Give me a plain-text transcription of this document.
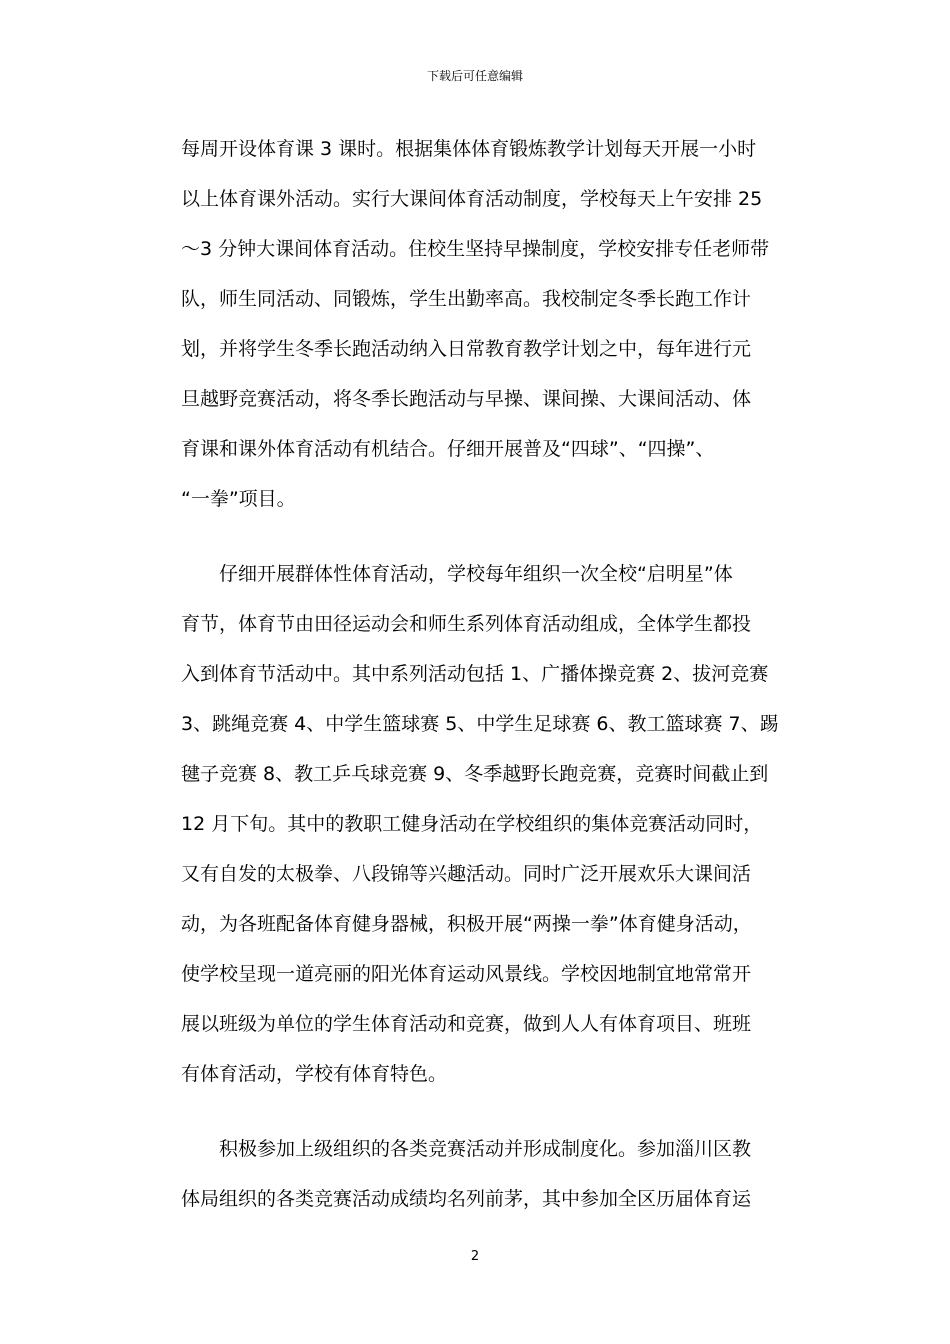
下载后可任意编辑
每周开设体育课 3 课时。根据集体体育锻炼教学计划每天开展一小时
以上体育课外活动。实行大课间体育活动制度，学校每天上午安排 25
～3 分钟大课间体育活动。住校生坚持早操制度，学校安排专任老师带
队，师生同活动、同锻炼，学生出勤率高。我校制定冬季长跑工作计
划，并将学生冬季长跑活动纳入日常教育教学计划之中，每年进行元
旦越野竞赛活动，将冬季长跑活动与早操、课间操、大课间活动、体
育课和课外体育活动有机结合。仔细开展普及“四球”、“四操”、
“一拳”项目。
仔细开展群体性体育活动，学校每年组织一次全校“启明星”体
育节，体育节由田径运动会和师生系列体育活动组成，全体学生都投
入到体育节活动中。其中系列活动包括 1、广播体操竞赛 2、拔河竞赛
3、跳绳竞赛 4、中学生篮球赛 5、中学生足球赛 6、教工篮球赛 7、踢
毽子竞赛 8、教工乒乓球竞赛 9、冬季越野长跑竞赛，竞赛时间截止到
12 月下旬。其中的教职工健身活动在学校组织的集体竞赛活动同时，
又有自发的太极拳、八段锦等兴趣活动。同时广泛开展欢乐大课间活
动，为各班配备体育健身器械，积极开展“两操一拳”体育健身活动，
使学校呈现一道亮丽的阳光体育运动风景线。学校因地制宜地常常开
展以班级为单位的学生体育活动和竞赛，做到人人有体育项目、班班
有体育活动，学校有体育特色。
积极参加上级组织的各类竞赛活动并形成制度化。参加淄川区教
体局组织的各类竞赛活动成绩均名列前茅，其中参加全区历届体育运
2
